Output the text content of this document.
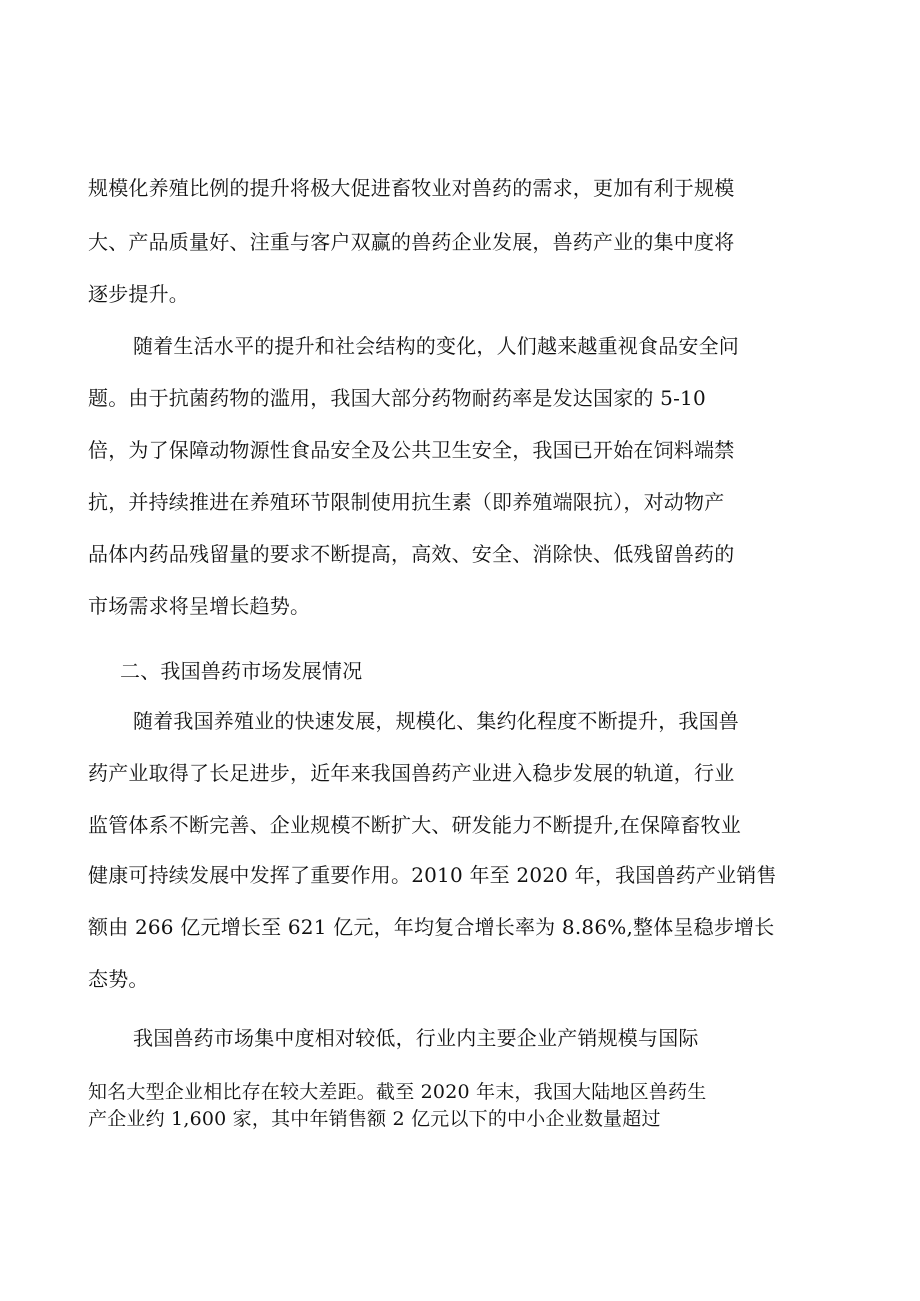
规模化养殖比例的提升将极大促进畜牧业对兽药的需求，更加有利于规模
大、产品质量好、注重与客户双赢的兽药企业发展，兽药产业的集中度将
逐步提升。
随着生活水平的提升和社会结构的变化，人们越来越重视食品安全问
题。由于抗菌药物的滥用，我国大部分药物耐药率是发达国家的 5-10
倍，为了保障动物源性食品安全及公共卫生安全，我国已开始在饲料端禁
抗，并持续推进在养殖环节限制使用抗生素（即养殖端限抗），对动物产
品体内药品残留量的要求不断提高，高效、安全、消除快、低残留兽药的
市场需求将呈增长趋势。
二、我国兽药市场发展情况
随着我国养殖业的快速发展，规模化、集约化程度不断提升，我国兽
药产业取得了长足进步，近年来我国兽药产业进入稳步发展的轨道，行业
监管体系不断完善、企业规模不断扩大、研发能力不断提升,在保障畜牧业
健康可持续发展中发挥了重要作用。2010 年至 2020 年，我国兽药产业销售
额由 266 亿元增长至 621 亿元，年均复合增长率为 8.86%,整体呈稳步增长
态势。
我国兽药市场集中度相对较低，行业内主要企业产销规模与国际
知名大型企业相比存在较大差距。截至 2020 年末，我国大陆地区兽药生
产企业约 1,600 家，其中年销售额 2 亿元以下的中小企业数量超过
